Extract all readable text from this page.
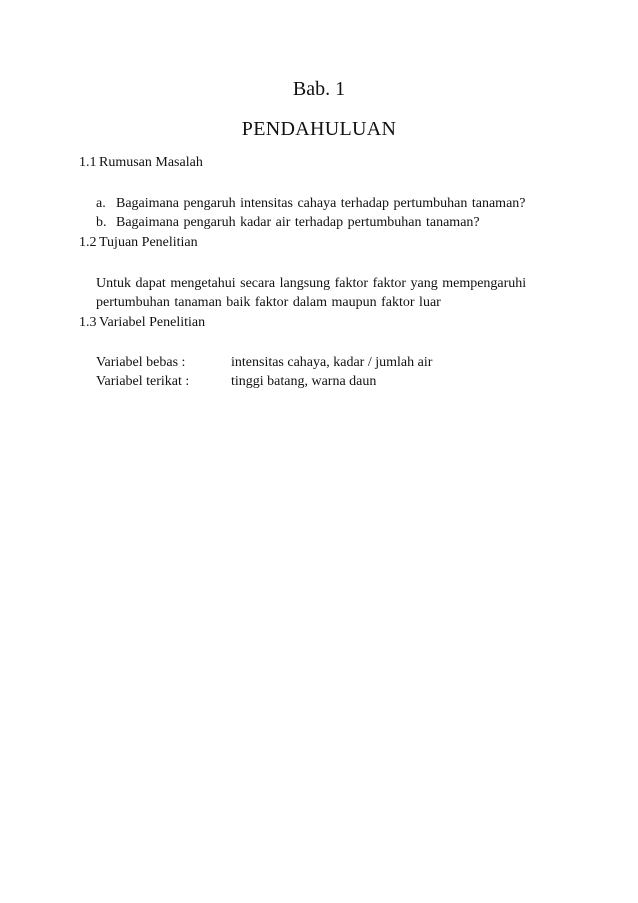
Bab. 1
PENDAHULUAN
1.1 Rumusan Masalah
a. Bagaimana pengaruh intensitas cahaya terhadap pertumbuhan tanaman?
b. Bagaimana pengaruh kadar air terhadap pertumbuhan tanaman?
1.2 Tujuan Penelitian
Untuk dapat mengetahui secara langsung faktor faktor yang mempengaruhi
pertumbuhan tanaman baik faktor dalam maupun faktor luar
1.3 Variabel Penelitian
Variabel bebas :	intensitas cahaya, kadar / jumlah air
Variabel terikat :	tinggi batang, warna daun
